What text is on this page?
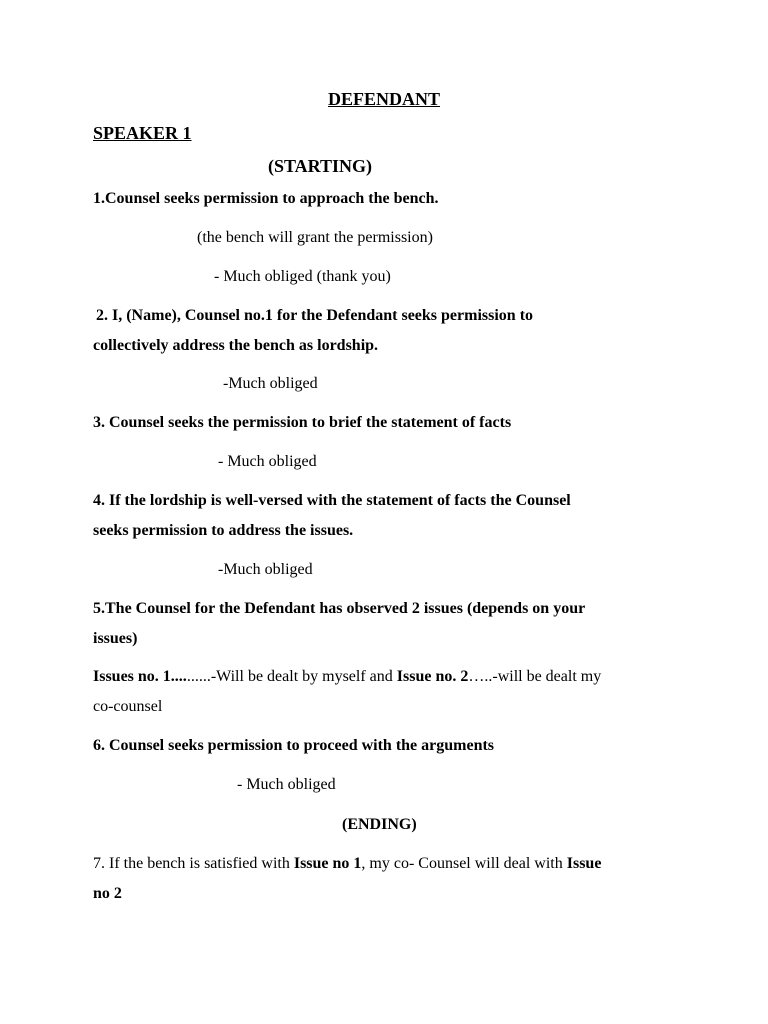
DEFENDANT
SPEAKER 1
(STARTING)
1.Counsel seeks permission to approach the bench.
(the bench will grant the permission)
- Much obliged (thank you)
2. I, (Name), Counsel no.1 for the Defendant seeks permission to
collectively address the bench as lordship.
-Much obliged
3. Counsel seeks the permission to brief the statement of facts
- Much obliged
4. If the lordship is well-versed with the statement of facts the Counsel
seeks permission to address the issues.
-Much obliged
5.The Counsel for the Defendant has observed 2 issues (depends on your
issues)
Issues no. 1..........-Will be dealt by myself and Issue no. 2…..-will be dealt my
co-counsel
6. Counsel seeks permission to proceed with the arguments
- Much obliged
(ENDING)
7. If the bench is satisfied with Issue no 1, my co- Counsel will deal with Issue
no 2
